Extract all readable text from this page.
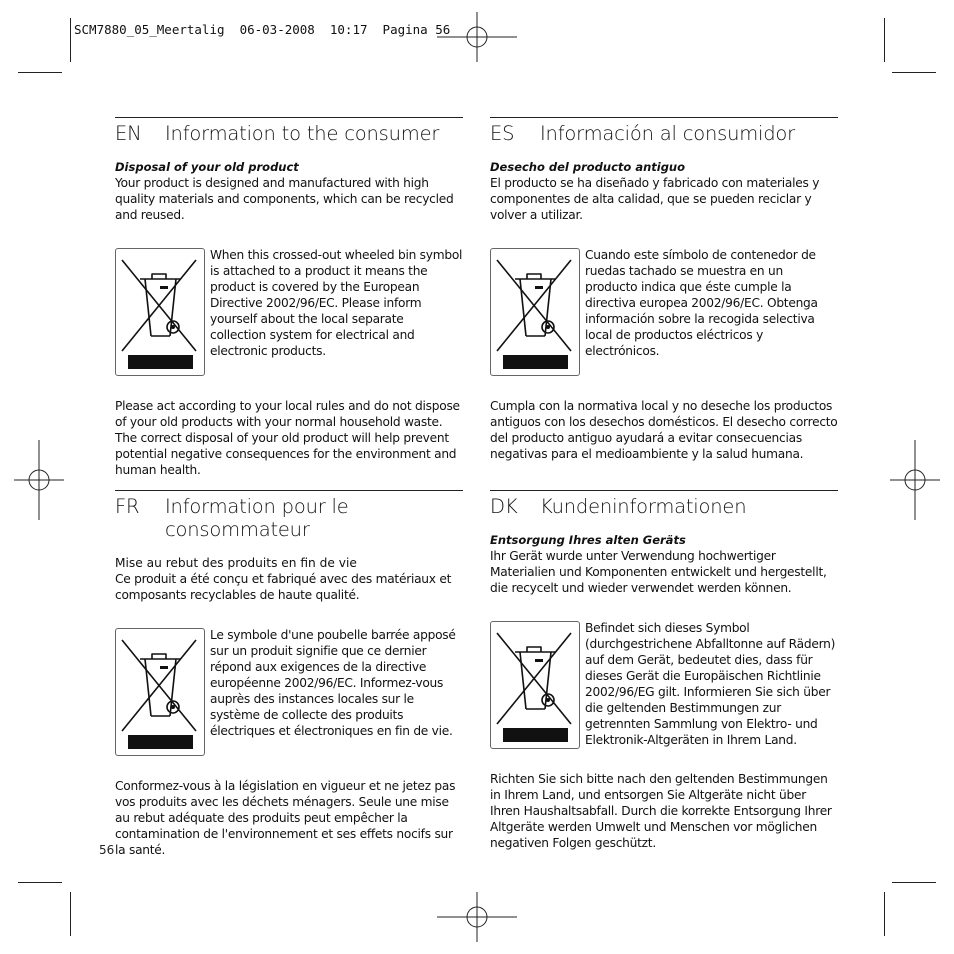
SCM7880_05_Meertalig  06-03-2008  10:17  Pagina 56
EN	Information to the consumer
Disposal of your old product
Your product is designed and manufactured with high quality materials and components, which can be recycled and reused.
When this crossed-out wheeled bin symbol is attached to a product it means the product is covered by the European Directive 2002/96/EC. Please inform yourself about the local separate collection system for electrical and electronic products.
Please act according to your local rules and do not dispose of your old products with your normal household waste. The correct disposal of your old product will help prevent potential negative consequences for the environment and human health.
ES	Información al consumidor
Desecho del producto antiguo
El producto se ha diseñado y fabricado con materiales y componentes de alta calidad, que se pueden reciclar y volver a utilizar.
Cuando este símbolo de contenedor de ruedas tachado se muestra en un producto indica que éste cumple la directiva europea 2002/96/EC. Obtenga información sobre la recogida selectiva local de productos eléctricos y electrónicos.
Cumpla con la normativa local y no deseche los productos antiguos con los desechos domésticos. El desecho correcto del producto antiguo ayudará a evitar consecuencias negativas para el medioambiente y la salud humana.
FR	Information pour le consommateur
Mise au rebut des produits en fin de vie
Ce produit a été conçu et fabriqué avec des matériaux et composants recyclables de haute qualité.
Le symbole d'une poubelle barrée apposé sur un produit signifie que ce dernier répond aux exigences de la directive européenne 2002/96/EC. Informez-vous auprès des instances locales sur le système de collecte des produits électriques et électroniques en fin de vie.
Conformez-vous à la législation en vigueur et ne jetez pas vos produits avec les déchets ménagers. Seule une mise au rebut adéquate des produits peut empêcher la contamination de l'environnement et ses effets nocifs sur la santé.
DK	Kundeninformationen
Entsorgung Ihres alten Geräts
Ihr Gerät wurde unter Verwendung hochwertiger Materialien und Komponenten entwickelt und hergestellt, die recycelt und wieder verwendet werden können.
Befindet sich dieses Symbol (durchgestrichene Abfalltonne auf Rädern) auf dem Gerät, bedeutet dies, dass für dieses Gerät die Europäischen Richtlinie 2002/96/EG gilt. Informieren Sie sich über die geltenden Bestimmungen zur getrennten Sammlung von Elektro- und Elektronik-Altgeräten in Ihrem Land.
Richten Sie sich bitte nach den geltenden Bestimmungen in Ihrem Land, und entsorgen Sie Altgeräte nicht über Ihren Haushaltsabfall. Durch die korrekte Entsorgung Ihrer Altgeräte werden Umwelt und Menschen vor möglichen negativen Folgen geschützt.
56
